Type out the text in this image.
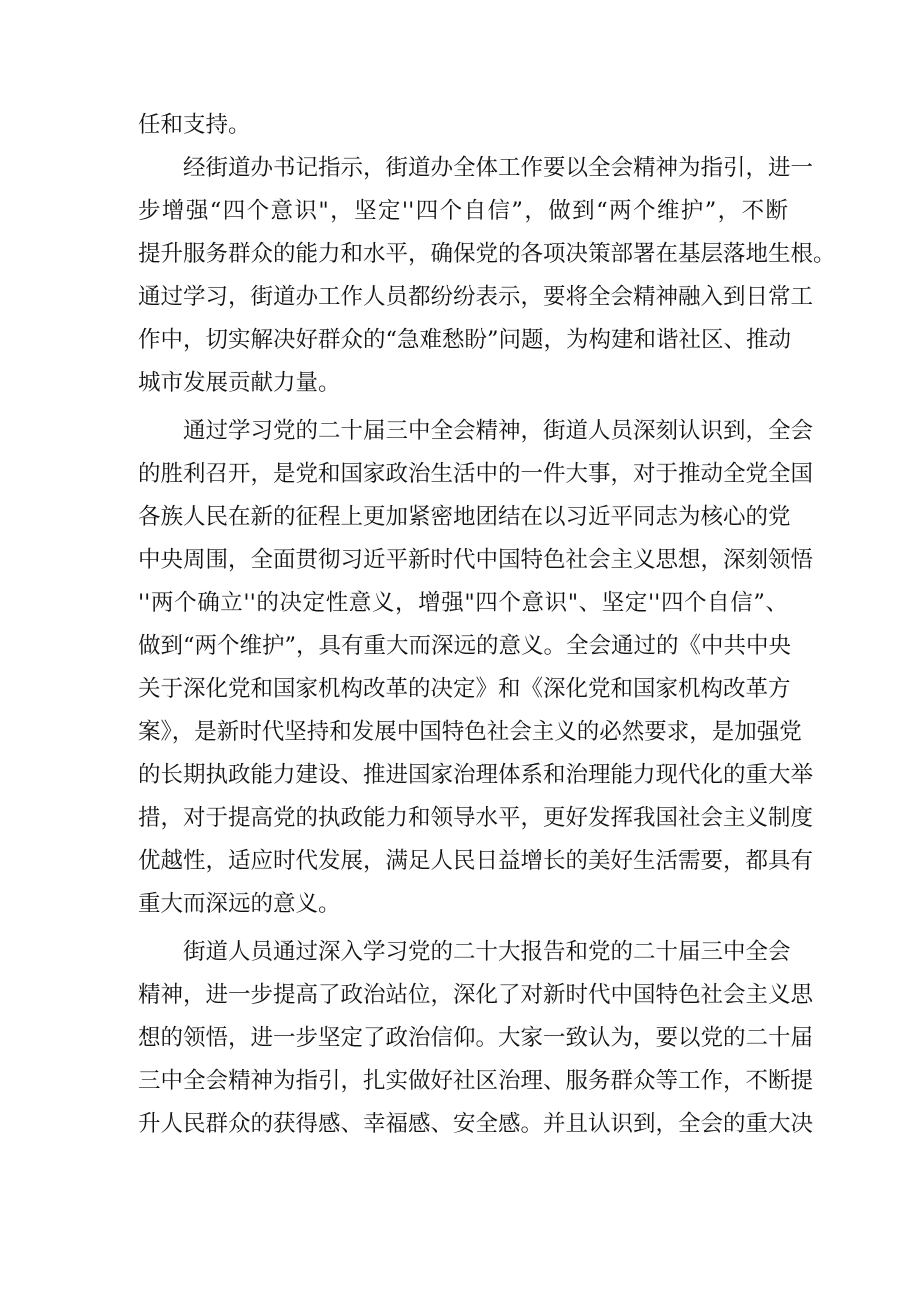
任和支持。
经街道办书记指示，街道办全体工作要以全会精神为指引，进一
步增强“四个意识"，坚定''四个自信”，做到“两个维护”，不断
提升服务群众的能力和水平，确保党的各项决策部署在基层落地生根。
通过学习，街道办工作人员都纷纷表示，要将全会精神融入到日常工
作中，切实解决好群众的“急难愁盼”问题，为构建和谐社区、推动
城市发展贡献力量。
通过学习党的二十届三中全会精神，街道人员深刻认识到，全会
的胜利召开，是党和国家政治生活中的一件大事，对于推动全党全国
各族人民在新的征程上更加紧密地团结在以习近平同志为核心的党
中央周围，全面贯彻习近平新时代中国特色社会主义思想，深刻领悟
''两个确立''的决定性意义，增强"四个意识"、坚定''四个自信”、
做到“两个维护”，具有重大而深远的意义。全会通过的《中共中央
关于深化党和国家机构改革的决定》和《深化党和国家机构改革方
案》，是新时代坚持和发展中国特色社会主义的必然要求，是加强党
的长期执政能力建设、推进国家治理体系和治理能力现代化的重大举
措，对于提高党的执政能力和领导水平，更好发挥我国社会主义制度
优越性，适应时代发展，满足人民日益增长的美好生活需要，都具有
重大而深远的意义。
街道人员通过深入学习党的二十大报告和党的二十届三中全会
精神，进一步提高了政治站位，深化了对新时代中国特色社会主义思
想的领悟，进一步坚定了政治信仰。大家一致认为，要以党的二十届
三中全会精神为指引，扎实做好社区治理、服务群众等工作，不断提
升人民群众的获得感、幸福感、安全感。并且认识到，全会的重大决
